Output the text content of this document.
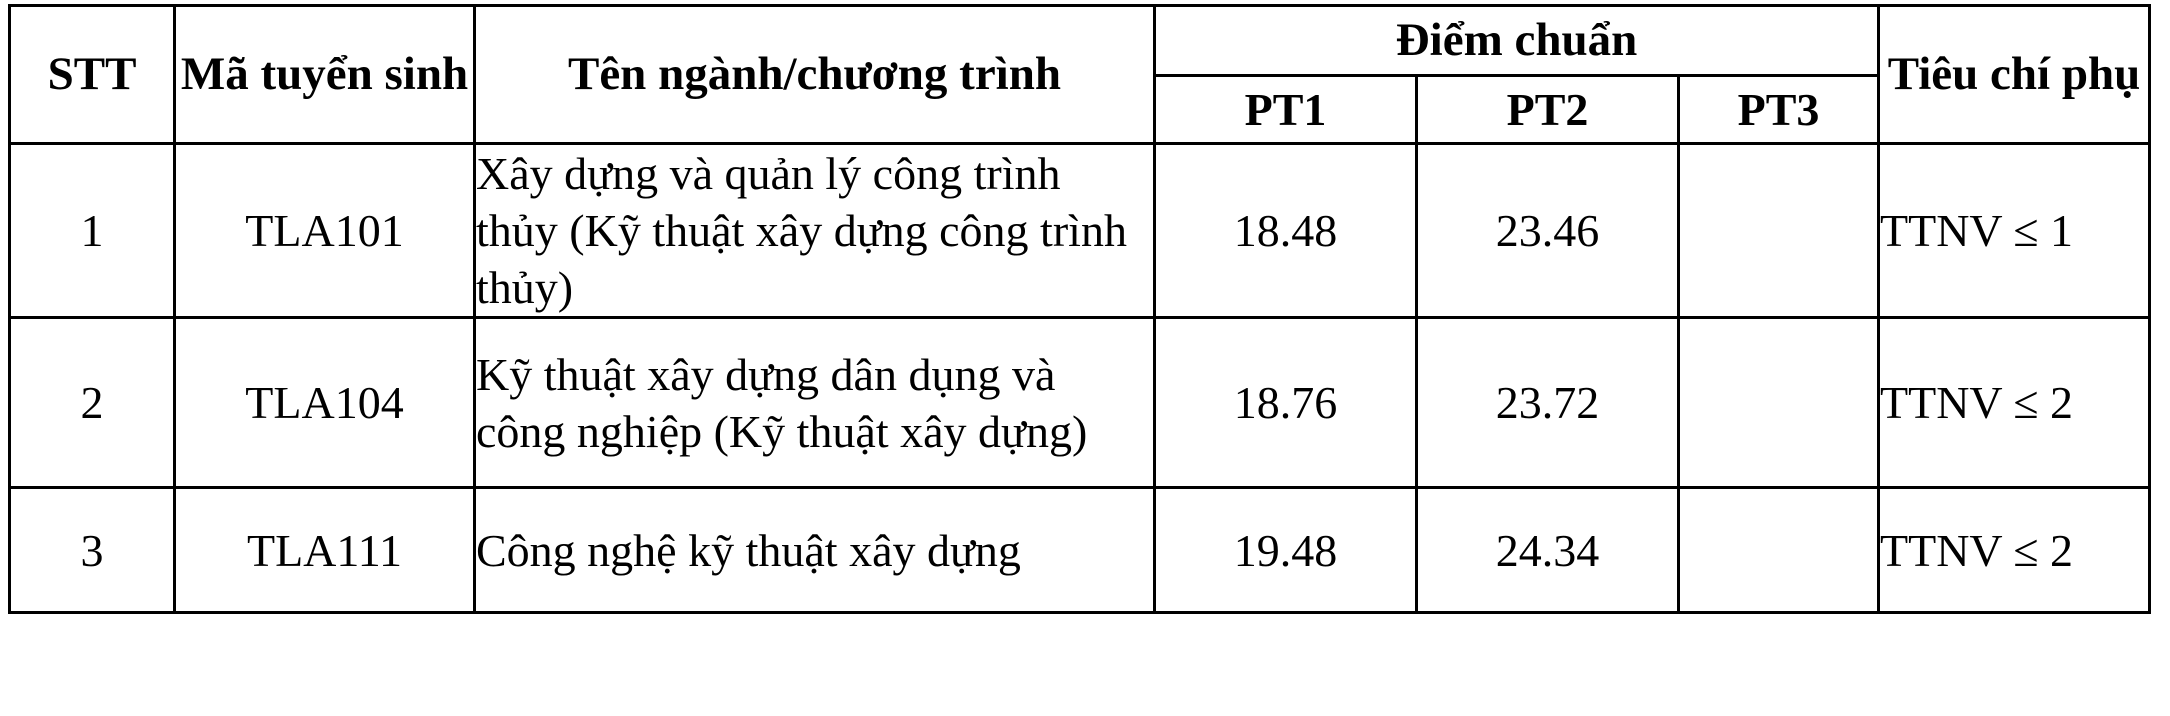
STT	Mã tuyển sinh	Tên ngành/chương trình	Điểm chuẩn			Tiêu chí phụ
			PT1	PT2	PT3	
1	TLA101	Xây dựng và quản lý công trình thủy (Kỹ thuật xây dựng công trình thủy)	18.48	23.46		TTNV ≤ 1
2	TLA104	Kỹ thuật xây dựng dân dụng và công nghiệp (Kỹ thuật xây dựng)	18.76	23.72		TTNV ≤ 2
3	TLA111	Công nghệ kỹ thuật xây dựng	19.48	24.34		TTNV ≤ 2
